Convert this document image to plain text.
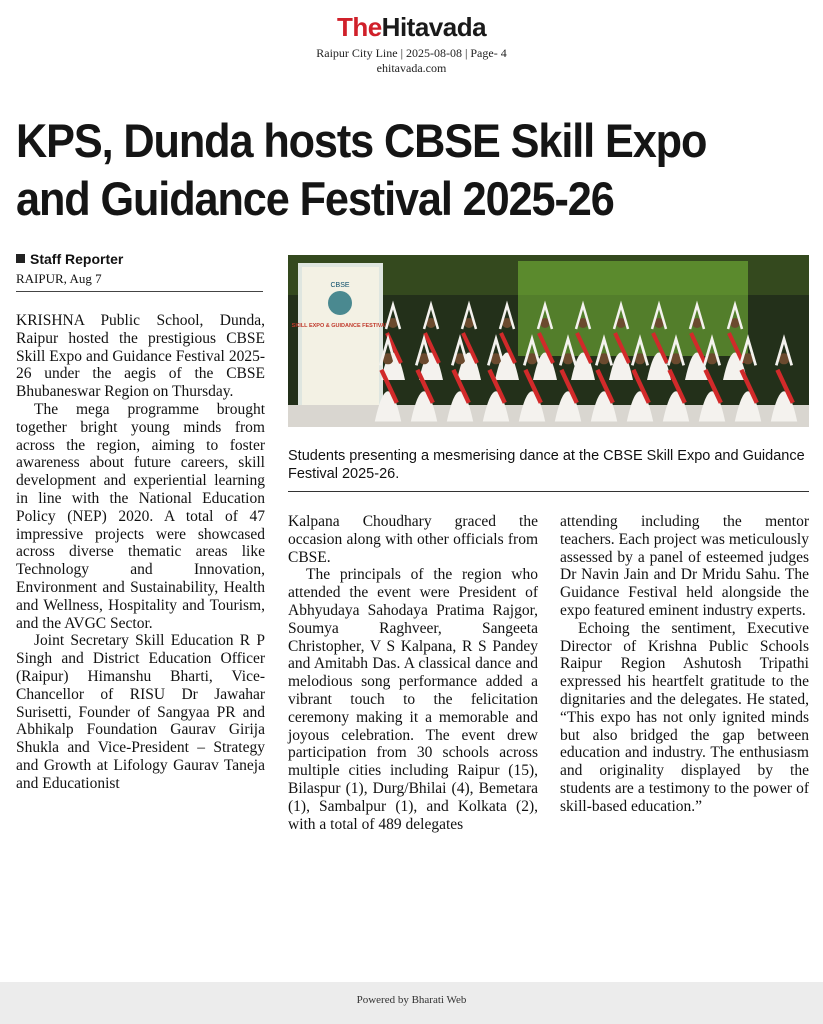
TheHitavada
Raipur City Line | 2025-08-08 | Page- 4
ehitavada.com
KPS, Dunda hosts CBSE Skill Expo
and Guidance Festival 2025-26
Staff Reporter
RAIPUR, Aug 7

KRISHNA Public School, Dunda, Raipur hosted the prestigious CBSE Skill Expo and Guidance Festival 2025-26 under the aegis of the CBSE Bhubaneswar Region on Thursday.

The mega programme brought together bright young minds from across the region, aiming to foster awareness about future careers, skill development and experiential learning in line with the National Education Policy (NEP) 2020. A total of 47 impressive projects were showcased across diverse thematic areas like Technology and Innovation, Environment and Sustainability, Health and Wellness, Hospitality and Tourism, and the AVGC Sector.

Joint Secretary Skill Education R P Singh and District Education Officer (Raipur) Himanshu Bharti, Vice-Chancellor of RISU Dr Jawahar Surisetti, Founder of Sangyaa PR and Abhikalp Foundation Gaurav Girija Shukla and Vice-President – Strategy and Growth at Lifology Gaurav Taneja and Educationist

CBSE
SKILL EXPO & GUIDANCE FESTIVAL
Students presenting a mesmerising dance at the CBSE Skill Expo and Guidance Festival 2025-26.

Kalpana Choudhary graced the occasion along with other officials from CBSE.

The principals of the region who attended the event were President of Abhyudaya Sahodaya Pratima Rajgor, Soumya Raghveer, Sangeeta Christopher, V S Kalpana, R S Pandey and Amitabh Das. A classical dance and melodious song performance added a vibrant touch to the felicitation ceremony making it a memorable and joyous celebration. The event drew participation from 30 schools across multiple cities including Raipur (15), Bilaspur (1), Durg/Bhilai (4), Bemetara (1), Sambalpur (1), and Kolkata (2), with a total of 489 delegates

attending including the mentor teachers. Each project was meticulously assessed by a panel of esteemed judges Dr Navin Jain and Dr Mridu Sahu. The Guidance Festival held alongside the expo featured eminent industry experts.

Echoing the sentiment, Executive Director of Krishna Public Schools Raipur Region Ashutosh Tripathi expressed his heartfelt gratitude to the dignitaries and the delegates. He stated, “This expo has not only ignited minds but also bridged the gap between education and industry. The enthusiasm and originality displayed by the students are a testimony to the power of skill-based education.”

Powered by Bharati Web
